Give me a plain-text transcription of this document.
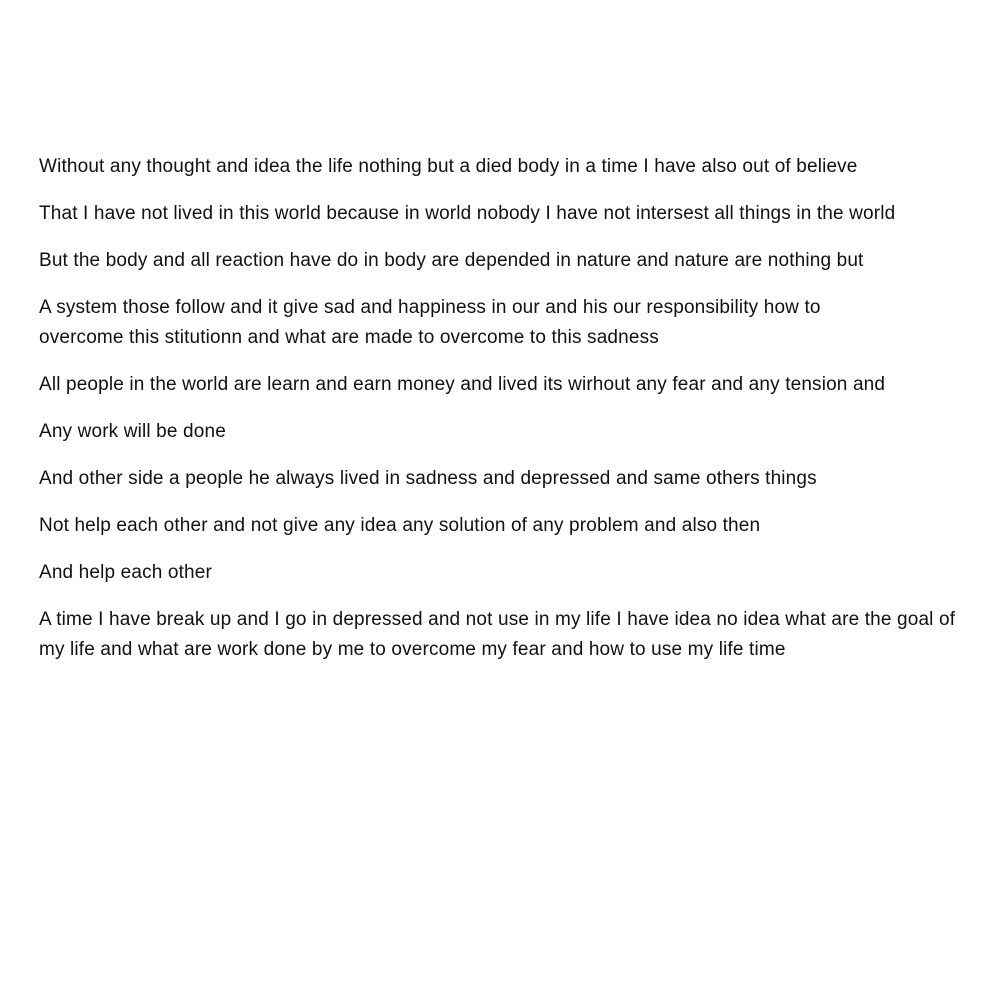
Without any thought and idea the life nothing but a died body in a time I have also out of believe

That I have not lived in this world because in world nobody I have not intersest all things in the world

But the body and all reaction have do in body are depended in nature and nature are nothing but

A system those follow and it give sad and happiness in our and his our responsibility how to overcome this stitutionn and what are made to overcome to this sadness

All people in the world are learn and earn money and lived its wirhout any fear and any tension and

Any work will be done

And other side a people he always lived in sadness and depressed and same others things

Not help each other and not give any idea any solution of any problem and also then

And help each other

A time I have break up and I go in depressed and not use in my life I have idea no idea what are the goal of my life and what are work done by me to overcome my fear and how to use my life time
